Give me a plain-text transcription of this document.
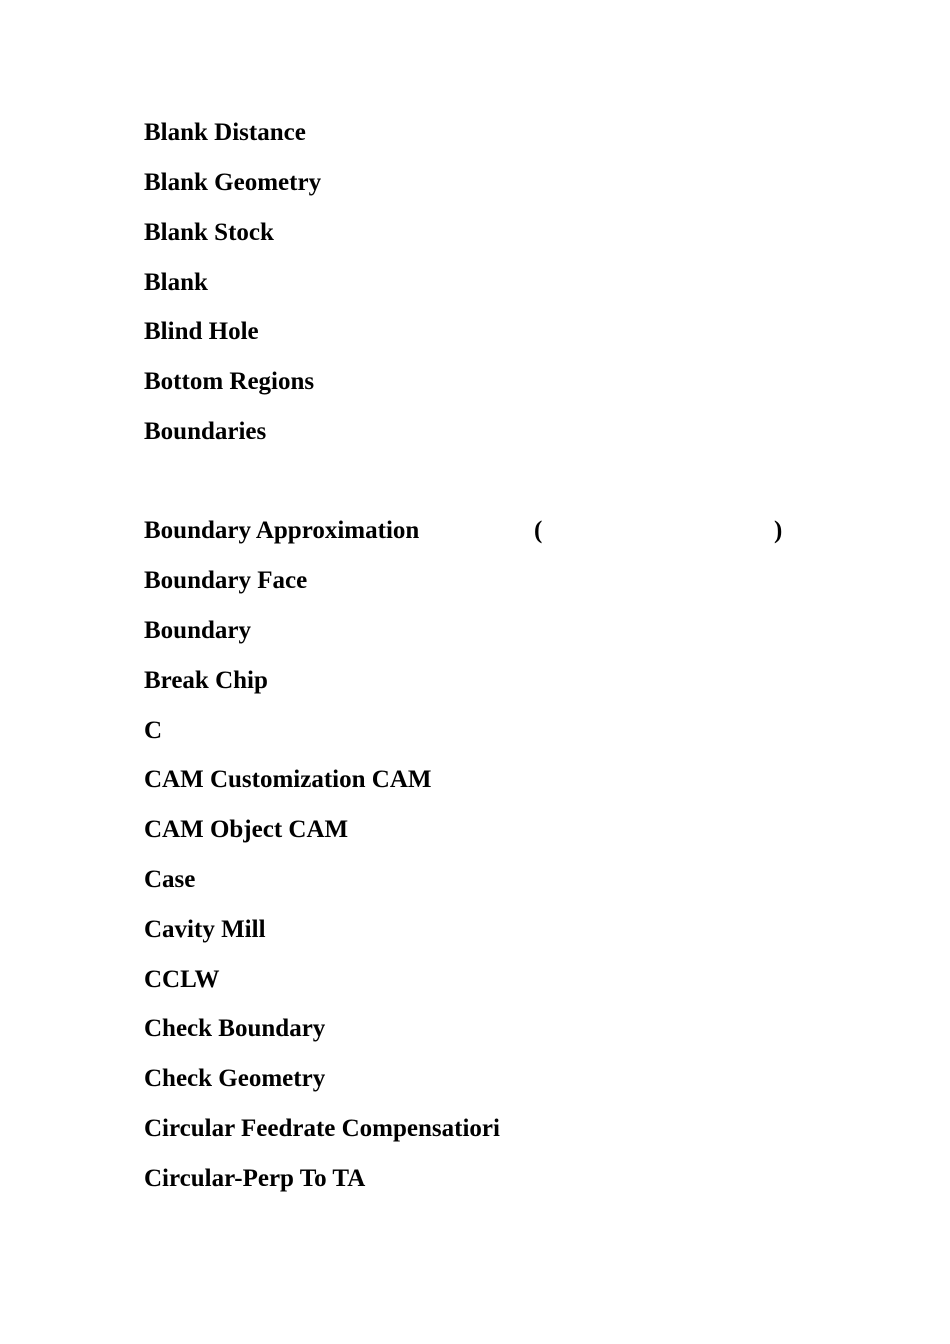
Blank Distance

Blank Geometry

Blank Stock

Blank

Blind Hole

Bottom Regions

Boundaries

Boundary Approximation	(	)

Boundary Face

Boundary

Break Chip

C

CAM Customization CAM

CAM Object CAM

Case

Cavity Mill

CCLW

Check Boundary

Check Geometry

Circular Feedrate Compensatiori

Circular-Perp To TA
